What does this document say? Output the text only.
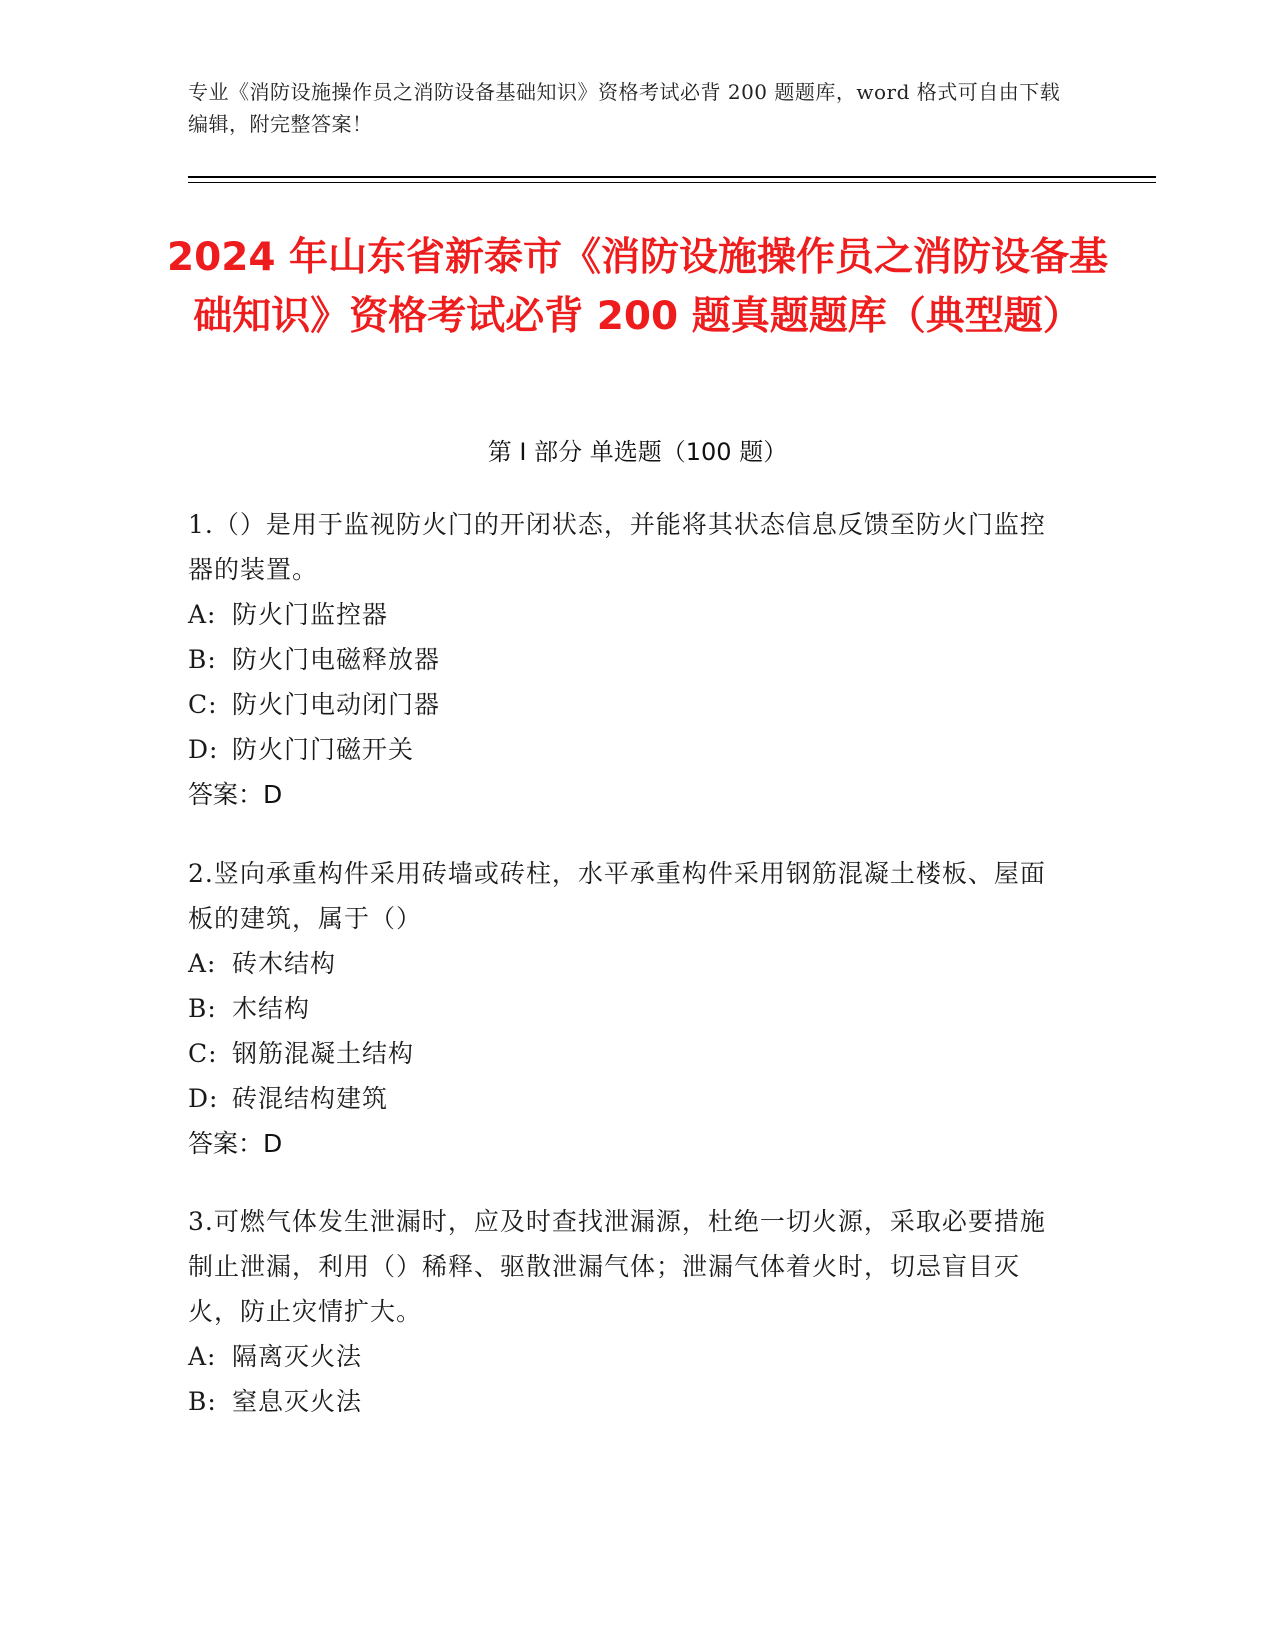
专业《消防设施操作员之消防设备基础知识》资格考试必背 200 题题库，word 格式可自由下载编辑，附完整答案！
2024 年山东省新泰市《消防设施操作员之消防设备基础知识》资格考试必背 200 题真题题库（典型题）
第 I 部分 单选题（100 题）
1.（）是用于监视防火门的开闭状态，并能将其状态信息反馈至防火门监控器的装置。
A: 防火门监控器
B: 防火门电磁释放器
C: 防火门电动闭门器
D: 防火门门磁开关
答案：D
2.竖向承重构件采用砖墙或砖柱，水平承重构件采用钢筋混凝土楼板、屋面板的建筑，属于（）
A: 砖木结构
B: 木结构
C: 钢筋混凝土结构
D: 砖混结构建筑
答案：D
3.可燃气体发生泄漏时，应及时查找泄漏源，杜绝一切火源，采取必要措施制止泄漏，利用（）稀释、驱散泄漏气体；泄漏气体着火时，切忌盲目灭火，防止灾情扩大。
A: 隔离灭火法
B: 窒息灭火法
